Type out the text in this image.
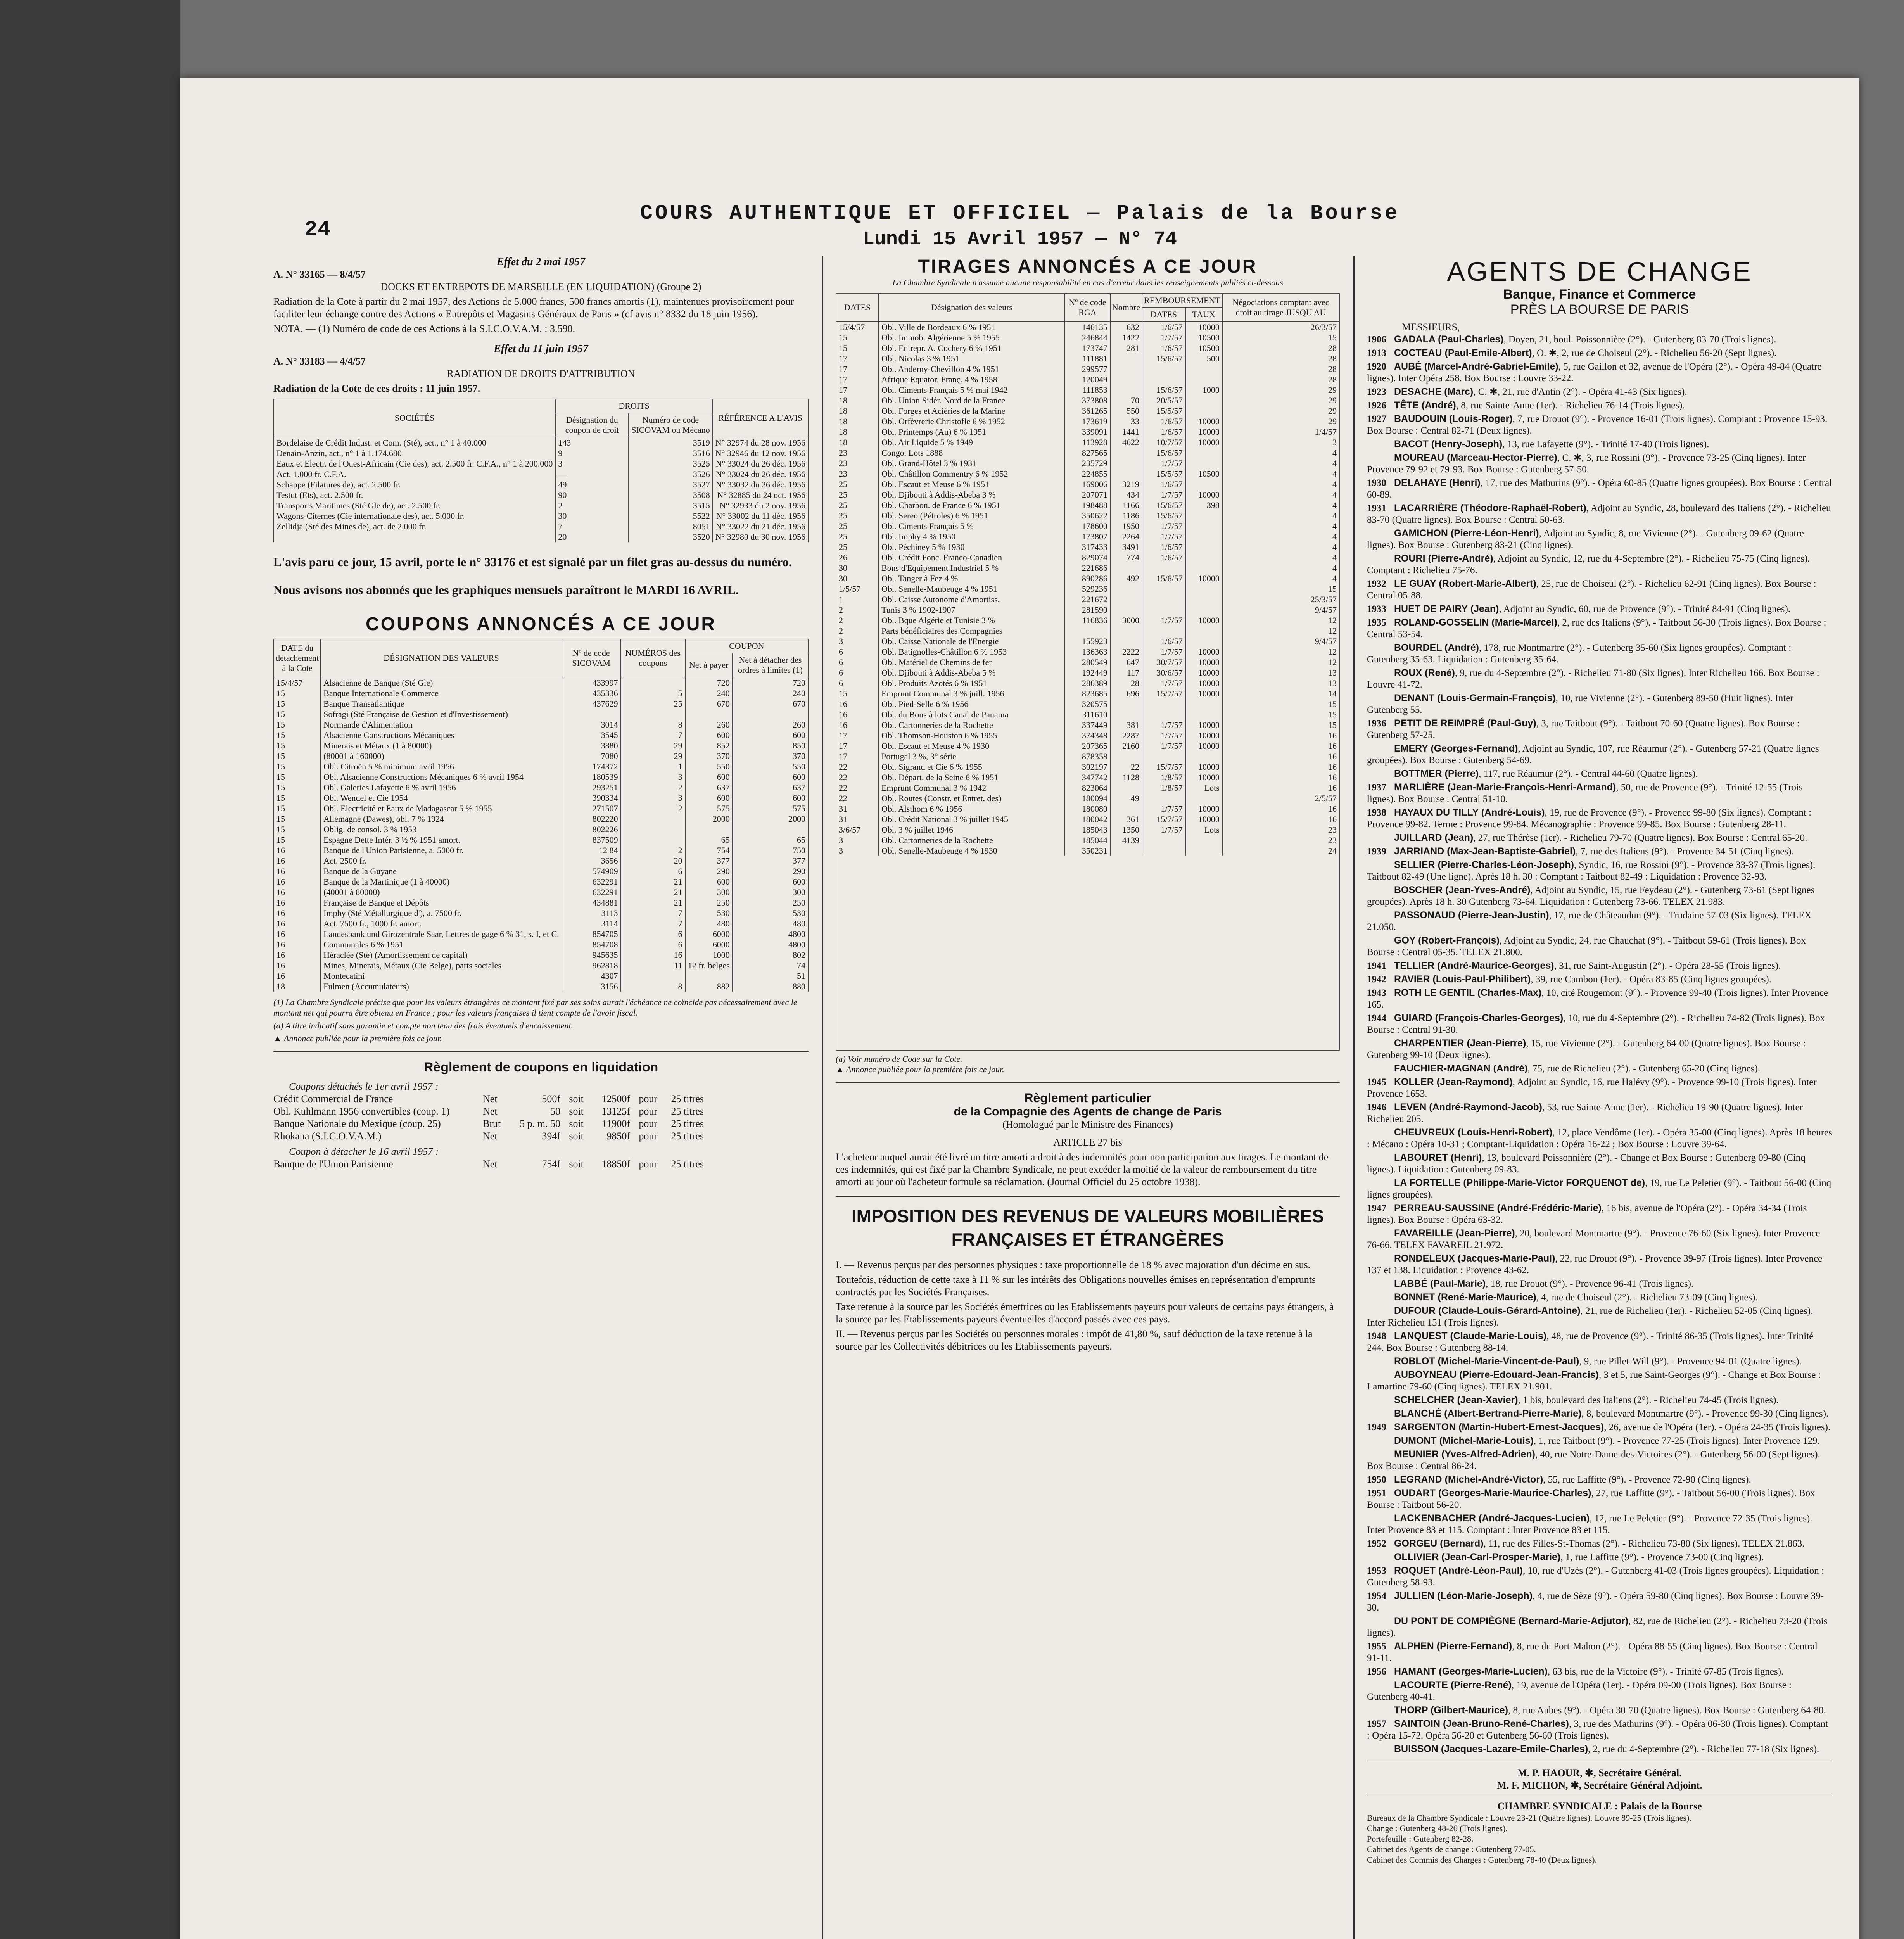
24
COURS AUTHENTIQUE ET OFFICIEL — Palais de la Bourse
Lundi 15 Avril 1957 — N° 74
Effet du 2 mai 1957
A. N° 33165 — 8/4/57
DOCKS ET ENTREPOTS DE MARSEILLE (EN LIQUIDATION) (Groupe 2)
Radiation de la Cote à partir du 2 mai 1957, des Actions de 5.000 francs, 500 francs amortis (1), maintenues provisoirement pour faciliter leur échange contre des Actions « Entrepôts et Magasins Généraux de Paris » (cf avis n° 8332 du 18 juin 1956).
NOTA. — (1) Numéro de code de ces Actions à la S.I.C.O.V.A.M. : 3.590.
Effet du 11 juin 1957
A. N° 33183 — 4/4/57
RADIATION DE DROITS D'ATTRIBUTION
Radiation de la Cote de ces droits : 11 juin 1957.
SOCIÉTÉS	DROITS		RÉFÉRENCE A L'AVIS
	Désignation du coupon de droit	Numéro de code SICOVAM ou Mécano	
Bordelaise de Crédit Indust. et Com. (Sté), act., n° 1 à 40.000	143	3519	N° 32974 du 28 nov. 1956
Denain-Anzin, act., n° 1 à 1.174.680	9	3516	N° 32946 du 12 nov. 1956
Eaux et Electr. de l'Ouest-Africain (Cie des), act. 2.500 fr. C.F.A., n° 1 à 200.000	3	3525	N° 33024 du 26 déc. 1956
Act. 1.000 fr. C.F.A.	—	3526	N° 33024 du 26 déc. 1956
Schappe (Filatures de), act. 2.500 fr.	49	3527	N° 33032 du 26 déc. 1956
Testut (Ets), act. 2.500 fr.	90	3508	N° 32885 du 24 oct. 1956
Transports Maritimes (Sté Gle de), act. 2.500 fr.	2	3515	N° 32933 du 2 nov. 1956
Wagons-Citernes (Cie internationale des), act. 5.000 fr.	30	5522	N° 33002 du 11 déc. 1956
Zellidja (Sté des Mines de), act. de 2.000 fr.	7	8051	N° 33022 du 21 déc. 1956
	20	3520	N° 32980 du 30 nov. 1956
L'avis paru ce jour, 15 avril, porte le n° 33176 et est signalé par un filet gras au-dessus du numéro.
Nous avisons nos abonnés que les graphiques mensuels paraîtront le MARDI 16 AVRIL.
COUPONS ANNONCÉS A CE JOUR
DATE du détachement à la Cote	DÉSIGNATION DES VALEURS	Nº de code SICOVAM	NUMÉROS des coupons	COUPON	
				Net à payer	Net à détacher des ordres à limites (1)
15/4/57	Alsacienne de Banque (Sté Gle)	433997		720	720
15	Banque Internationale Commerce	435336	5	240	240
15	Banque Transatlantique	437629	25	670	670
15	Sofragi (Sté Française de Gestion et d'Investissement)				
15	Normande d'Alimentation	3014	8	260	260
15	Alsacienne Constructions Mécaniques	3545	7	600	600
15	Minerais et Métaux (1 à 80000)	3880	29	852	850
15	(80001 à 160000)	7080	29	370	370
15	Obl. Citroën 5 % minimum avril 1956	174372	1	550	550
15	Obl. Alsacienne Constructions Mécaniques 6 % avril 1954	180539	3	600	600
15	Obl. Galeries Lafayette 6 % avril 1956	293251	2	637	637
15	Obl. Wendel et Cie 1954	390334	3	600	600
15	Obl. Electricité et Eaux de Madagascar 5 % 1955	271507	2	575	575
15	Allemagne (Dawes), obl. 7 % 1924	802220		2000	2000
15	Oblig. de consol. 3 % 1953	802226			
15	Espagne Dette Intér. 3 ½ % 1951 amort.	837509		65	65
16	Banque de l'Union Parisienne, a. 5000 fr.	12 84	2	754	750
16	Act. 2500 fr.	3656	20	377	377
16	Banque de la Guyane	574909	6	290	290
16	Banque de la Martinique (1 à 40000)	632291	21	600	600
16	(40001 à 80000)	632291	21	300	300
16	Française de Banque et Dépôts	434881	21	250	250
16	Imphy (Sté Métallurgique d'), a. 7500 fr.	3113	7	530	530
16	Act. 7500 fr., 1000 fr. amort.	3114	7	480	480
16	Landesbank und Girozentrale Saar, Lettres de gage 6 % 31, s. I, et C.	854705	6	6000	4800
16	Communales 6 % 1951	854708	6	6000	4800
16	Héraclée (Sté) (Amortissement de capital)	945635	16	1000	802
16	Mines, Minerais, Métaux (Cie Belge), parts sociales	962818	11	12 fr. belges	74
16	Montecatini	4307			51
18	Fulmen (Accumulateurs)	3156	8	882	880
(1) La Chambre Syndicale précise que pour les valeurs étrangères ce montant fixé par ses soins aurait l'échéance ne coïncide pas nécessairement avec le montant net qui pourra être obtenu en France ; pour les valeurs françaises il tient compte de l'avoir fiscal.
(a) A titre indicatif sans garantie et compte non tenu des frais éventuels d'encaissement.
▲ Annonce publiée pour la première fois ce jour.
Règlement de coupons en liquidation
Coupons détachés le 1er avril 1957 :
Crédit Commercial de France	Net	500f soit	12500f pour	25 titres
Obl. Kuhlmann 1956 convertibles (coup. 1)	Net	50 soit	13125f pour	25 titres
Banque Nationale du Mexique (coup. 25)	Brut	5 p. m. 50 soit	11900f pour	25 titres
Rhokana (S.I.C.O.V.A.M.)	Net	394f soit	9850f pour	25 titres
Coupon à détacher le 16 avril 1957 :
Banque de l'Union Parisienne	Net	754f soit	18850f pour	25 titres
TIRAGES ANNONCÉS A CE JOUR
La Chambre Syndicale n'assume aucune responsabilité en cas d'erreur dans les renseignements publiés ci-dessous
DATES	Désignation des valeurs	Nº de code RGA	Nombre	REMBOURSEMENT		Négociations comptant avec droit au tirage JUSQU'AU
				DATES	TAUX	
15/4/57	Obl. Ville de Bordeaux 6 % 1951	146135	632	1/6/57	10000	26/3/57
15	Obl. Immob. Algérienne 5 % 1955	246844	1422	1/7/57	10500	15
15	Obl. Entrepr. A. Cochery 6 % 1951	173747	281	1/6/57	10500	28
17	Obl. Nicolas 3 % 1951	111881		15/6/57	500	28
17	Obl. Anderny-Chevillon 4 % 1951	299577				28
17	Afrique Equator. Franç. 4 % 1958	120049				28
17	Obl. Ciments Français 5 % mai 1942	111853		15/6/57	1000	29
18	Obl. Union Sidér. Nord de la France	373808	70	20/5/57		29
18	Obl. Forges et Aciéries de la Marine	361265	550	15/5/57		29
18	Obl. Orfèvrerie Christofle 6 % 1952	173619	33	1/6/57	10000	29
18	Obl. Printemps (Au) 6 % 1951	339091	1441	1/6/57	10000	1/4/57
18	Obl. Air Liquide 5 % 1949	113928	4622	10/7/57	10000	3
23	Congo. Lots 1888	827565		15/6/57		4
23	Obl. Grand-Hôtel 3 % 1931	235729		1/7/57		4
23	Obl. Châtillon Commentry 6 % 1952	224855		15/5/57	10500	4
25	Obl. Escaut et Meuse 6 % 1951	169006	3219	1/6/57		4
25	Obl. Djibouti à Addis-Abeba 3 %	207071	434	1/7/57	10000	4
25	Obl. Charbon. de France 6 % 1951	198488	1166	15/6/57	398	4
25	Obl. Sereo (Pétroles) 6 % 1951	350622	1186	15/6/57		4
25	Obl. Ciments Français 5 %	178600	1950	1/7/57		4
25	Obl. Imphy 4 % 1950	173807	2264	1/7/57		4
25	Obl. Péchiney 5 % 1930	317433	3491	1/6/57		4
26	Obl. Crédit Fonc. Franco-Canadien	829074	774	1/6/57		4
30	Bons d'Equipement Industriel 5 %	221686				4
30	Obl. Tanger à Fez 4 %	890286	492	15/6/57	10000	4
1/5/57	Obl. Senelle-Maubeuge 4 % 1951	529236				15
1	Obl. Caisse Autonome d'Amortiss.	221672				25/3/57
2	Tunis 3 % 1902-1907	281590				9/4/57
2	Obl. Bque Algérie et Tunisie 3 %	116836	3000	1/7/57	10000	12
2	Parts bénéficiaires des Compagnies					12
3	Obl. Caisse Nationale de l'Energie	155923		1/6/57		9/4/57
6	Obl. Batignolles-Châtillon 6 % 1953	136363	2222	1/7/57	10000	12
6	Obl. Matériel de Chemins de fer	280549	647	30/7/57	10000	12
6	Obl. Djibouti à Addis-Abeba 5 %	192449	117	30/6/57	10000	13
6	Obl. Produits Azotés 6 % 1951	286389	28	1/7/57	10000	13
15	Emprunt Communal 3 % juill. 1956	823685	696	15/7/57	10000	14
16	Obl. Pied-Selle 6 % 1956	320575				15
16	Obl. du Bons à lots Canal de Panama	311610				15
16	Obl. Cartonneries de la Rochette	337449	381	1/7/57	10000	15
17	Obl. Thomson-Houston 6 % 1955	374348	2287	1/7/57	10000	16
17	Obl. Escaut et Meuse 4 % 1930	207365	2160	1/7/57	10000	16
17	Portugal 3 %, 3° série	878358				16
22	Obl. Sigrand et Cie 6 % 1955	302197	22	15/7/57	10000	16
22	Obl. Départ. de la Seine 6 % 1951	347742	1128	1/8/57	10000	16
22	Emprunt Communal 3 % 1942	823064		1/8/57	Lots	16
22	Obl. Routes (Constr. et Entret. des)	180094	49			2/5/57
31	Obl. Alsthom 6 % 1956	180080		1/7/57	10000	16
31	Obl. Crédit National 3 % juillet 1945	180042	361	15/7/57	10000	16
3/6/57	Obl. 3 % juillet 1946	185043	1350	1/7/57	Lots	23
3	Obl. Cartonneries de la Rochette	185044	4139			23
3	Obl. Senelle-Maubeuge 4 % 1930	350231				24
(a) Voir numéro de Code sur la Cote.
▲ Annonce publiée pour la première fois ce jour.
Règlement particulier
de la Compagnie des Agents de change de Paris
(Homologué par le Ministre des Finances)
ARTICLE 27 bis
L'acheteur auquel aurait été livré un titre amorti a droit à des indemnités pour non participation aux tirages. Le montant de ces indemnités, qui est fixé par la Chambre Syndicale, ne peut excéder la moitié de la valeur de remboursement du titre amorti au jour où l'acheteur formule sa réclamation. (Journal Officiel du 25 octobre 1938).
IMPOSITION DES REVENUS DE VALEURS MOBILIÈRES FRANÇAISES ET ÉTRANGÈRES
I. — Revenus perçus par des personnes physiques : taxe proportionnelle de 18 % avec majoration d'un décime en sus.
Toutefois, réduction de cette taxe à 11 % sur les intérêts des Obligations nouvelles émises en représentation d'emprunts contractés par les Sociétés Françaises.
Taxe retenue à la source par les Sociétés émettrices ou les Etablissements payeurs pour valeurs de certains pays étrangers, à la source par les Etablissements payeurs éventuelles d'accord passés avec ces pays.
II. — Revenus perçus par les Sociétés ou personnes morales : impôt de 41,80 %, sauf déduction de la taxe retenue à la source par les Collectivités débitrices ou les Etablissements payeurs.
AGENTS DE CHANGE
Banque, Finance et Commerce
PRÈS LA BOURSE DE PARIS
MESSIEURS,
1906 GADALA (Paul-Charles), Doyen, 21, boul. Poissonnière (2°). - Gutenberg 83-70 (Trois lignes).
1913 COCTEAU (Paul-Emile-Albert), O. ✱, 2, rue de Choiseul (2°). - Richelieu 56-20 (Sept lignes).
1920 AUBÉ (Marcel-André-Gabriel-Emile), 5, rue Gaillon et 32, avenue de l'Opéra (2°). - Opéra 49-84 (Quatre lignes). Inter Opéra 258. Box Bourse : Louvre 33-22.
1923 DESACHE (Marc), C. ✱, 21, rue d'Antin (2°). - Opéra 41-43 (Six lignes).
1926 TÊTE (André), 8, rue Sainte-Anne (1er). - Richelieu 76-14 (Trois lignes).
1927 BAUDOUIN (Louis-Roger), 7, rue Drouot (9°). - Provence 16-01 (Trois lignes). Compiant : Provence 15-93. Box Bourse : Central 82-71 (Deux lignes).
BACOT (Henry-Joseph), 13, rue Lafayette (9°). - Trinité 17-40 (Trois lignes).
MOUREAU (Marceau-Hector-Pierre), C. ✱, 3, rue Rossini (9°). - Provence 73-25 (Cinq lignes). Inter Provence 79-92 et 79-93. Box Bourse : Gutenberg 57-50.
1930 DELAHAYE (Henri), 17, rue des Mathurins (9°). - Opéra 60-85 (Quatre lignes groupées). Box Bourse : Central 60-89.
1931 LACARRIÈRE (Théodore-Raphaël-Robert), Adjoint au Syndic, 28, boulevard des Italiens (2°). - Richelieu 83-70 (Quatre lignes). Box Bourse : Central 50-63.
GAMICHON (Pierre-Léon-Henri), Adjoint au Syndic, 8, rue Vivienne (2°). - Gutenberg 09-62 (Quatre lignes). Box Bourse : Gutenberg 83-21 (Cinq lignes).
ROURI (Pierre-André), Adjoint au Syndic, 12, rue du 4-Septembre (2°). - Richelieu 75-75 (Cinq lignes). Comptant : Richelieu 75-76.
1932 LE GUAY (Robert-Marie-Albert), 25, rue de Choiseul (2°). - Richelieu 62-91 (Cinq lignes). Box Bourse : Central 05-88.
1933 HUET DE PAIRY (Jean), Adjoint au Syndic, 60, rue de Provence (9°). - Trinité 84-91 (Cinq lignes).
1935 ROLAND-GOSSELIN (Marie-Marcel), 2, rue des Italiens (9°). - Taitbout 56-30 (Trois lignes). Box Bourse : Central 53-54.
BOURDEL (André), 178, rue Montmartre (2°). - Gutenberg 35-60 (Six lignes groupées). Comptant : Gutenberg 35-63. Liquidation : Gutenberg 35-64.
ROUX (René), 9, rue du 4-Septembre (2°). - Richelieu 71-80 (Six lignes). Inter Richelieu 166. Box Bourse : Louvre 41-72.
DENANT (Louis-Germain-François), 10, rue Vivienne (2°). - Gutenberg 89-50 (Huit lignes). Inter Gutenberg 55.
1936 PETIT DE REIMPRÉ (Paul-Guy), 3, rue Taitbout (9°). - Taitbout 70-60 (Quatre lignes). Box Bourse : Gutenberg 57-25.
EMERY (Georges-Fernand), Adjoint au Syndic, 107, rue Réaumur (2°). - Gutenberg 57-21 (Quatre lignes groupées). Box Bourse : Gutenberg 54-69.
BOTTMER (Pierre), 117, rue Réaumur (2°). - Central 44-60 (Quatre lignes).
1937 MARLIÈRE (Jean-Marie-François-Henri-Armand), 50, rue de Provence (9°). - Trinité 12-55 (Trois lignes). Box Bourse : Central 51-10.
1938 HAYAUX DU TILLY (André-Louis), 19, rue de Provence (9°). - Provence 99-80 (Six lignes). Comptant : Provence 99-82. Terme : Provence 99-84. Mécanographie : Provence 99-85. Box Bourse : Gutenberg 28-11.
JUILLARD (Jean), 27, rue Thérèse (1er). - Richelieu 79-70 (Quatre lignes). Box Bourse : Central 65-20.
1939 JARRIAND (Max-Jean-Baptiste-Gabriel), 7, rue des Italiens (9°). - Provence 34-51 (Cinq lignes).
SELLIER (Pierre-Charles-Léon-Joseph), Syndic, 16, rue Rossini (9°). - Provence 33-37 (Trois lignes). Taitbout 82-49 (Une ligne). Après 18 h. 30 : Comptant : Taitbout 82-49 : Liquidation : Provence 32-93.
BOSCHER (Jean-Yves-André), Adjoint au Syndic, 15, rue Feydeau (2°). - Gutenberg 73-61 (Sept lignes groupées). Après 18 h. 30 Gutenberg 73-64. Liquidation : Gutenberg 73-66. TELEX 21.983.
PASSONAUD (Pierre-Jean-Justin), 17, rue de Châteaudun (9°). - Trudaine 57-03 (Six lignes). TELEX 21.050.
GOY (Robert-François), Adjoint au Syndic, 24, rue Chauchat (9°). - Taitbout 59-61 (Trois lignes). Box Bourse : Central 05-35. TELEX 21.800.
1941 TELLIER (André-Maurice-Georges), 31, rue Saint-Augustin (2°). - Opéra 28-55 (Trois lignes).
1942 RAVIER (Louis-Paul-Philibert), 39, rue Cambon (1er). - Opéra 83-85 (Cinq lignes groupées).
1943 ROTH LE GENTIL (Charles-Max), 10, cité Rougemont (9°). - Provence 99-40 (Trois lignes). Inter Provence 165.
1944 GUIARD (François-Charles-Georges), 10, rue du 4-Septembre (2°). - Richelieu 74-82 (Trois lignes). Box Bourse : Central 91-30.
CHARPENTIER (Jean-Pierre), 15, rue Vivienne (2°). - Gutenberg 64-00 (Quatre lignes). Box Bourse : Gutenberg 99-10 (Deux lignes).
FAUCHIER-MAGNAN (André), 75, rue de Richelieu (2°). - Gutenberg 65-20 (Cinq lignes).
1945 KOLLER (Jean-Raymond), Adjoint au Syndic, 16, rue Halévy (9°). - Provence 99-10 (Trois lignes). Inter Provence 1653.
1946 LEVEN (André-Raymond-Jacob), 53, rue Sainte-Anne (1er). - Richelieu 19-90 (Quatre lignes). Inter Richelieu 205.
CHEUVREUX (Louis-Henri-Robert), 12, place Vendôme (1er). - Opéra 35-00 (Cinq lignes). Après 18 heures : Mécano : Opéra 10-31 ; Comptant-Liquidation : Opéra 16-22 ; Box Bourse : Louvre 39-64.
LABOURET (Henri), 13, boulevard Poissonnière (2°). - Change et Box Bourse : Gutenberg 09-80 (Cinq lignes). Liquidation : Gutenberg 09-83.
LA FORTELLE (Philippe-Marie-Victor FORQUENOT de), 19, rue Le Peletier (9°). - Taitbout 56-00 (Cinq lignes groupées).
1947 PERREAU-SAUSSINE (André-Frédéric-Marie), 16 bis, avenue de l'Opéra (2°). - Opéra 34-34 (Trois lignes). Box Bourse : Opéra 63-32.
FAVAREILLE (Jean-Pierre), 20, boulevard Montmartre (9°). - Provence 76-60 (Six lignes). Inter Provence 76-66. TELEX FAVAREIL 21.972.
RONDELEUX (Jacques-Marie-Paul), 22, rue Drouot (9°). - Provence 39-97 (Trois lignes). Inter Provence 137 et 138. Liquidation : Provence 43-62.
LABBÉ (Paul-Marie), 18, rue Drouot (9°). - Provence 96-41 (Trois lignes).
BONNET (René-Marie-Maurice), 4, rue de Choiseul (2°). - Richelieu 73-09 (Cinq lignes).
DUFOUR (Claude-Louis-Gérard-Antoine), 21, rue de Richelieu (1er). - Richelieu 52-05 (Cinq lignes). Inter Richelieu 151 (Trois lignes).
1948 LANQUEST (Claude-Marie-Louis), 48, rue de Provence (9°). - Trinité 86-35 (Trois lignes). Inter Trinité 244. Box Bourse : Gutenberg 88-14.
ROBLOT (Michel-Marie-Vincent-de-Paul), 9, rue Pillet-Will (9°). - Provence 94-01 (Quatre lignes).
AUBOYNEAU (Pierre-Edouard-Jean-Francis), 3 et 5, rue Saint-Georges (9°). - Change et Box Bourse : Lamartine 79-60 (Cinq lignes). TELEX 21.901.
SCHELCHER (Jean-Xavier), 1 bis, boulevard des Italiens (2°). - Richelieu 74-45 (Trois lignes).
BLANCHÉ (Albert-Bertrand-Pierre-Marie), 8, boulevard Montmartre (9°). - Provence 99-30 (Cinq lignes).
1949 SARGENTON (Martin-Hubert-Ernest-Jacques), 26, avenue de l'Opéra (1er). - Opéra 24-35 (Trois lignes).
DUMONT (Michel-Marie-Louis), 1, rue Taitbout (9°). - Provence 77-25 (Trois lignes). Inter Provence 129.
MEUNIER (Yves-Alfred-Adrien), 40, rue Notre-Dame-des-Victoires (2°). - Gutenberg 56-00 (Sept lignes). Box Bourse : Central 86-24.
1950 LEGRAND (Michel-André-Victor), 55, rue Laffitte (9°). - Provence 72-90 (Cinq lignes).
1951 OUDART (Georges-Marie-Maurice-Charles), 27, rue Laffitte (9°). - Taitbout 56-00 (Trois lignes). Box Bourse : Taitbout 56-20.
LACKENBACHER (André-Jacques-Lucien), 12, rue Le Peletier (9°). - Provence 72-35 (Trois lignes). Inter Provence 83 et 115. Comptant : Inter Provence 83 et 115.
1952 GORGEU (Bernard), 11, rue des Filles-St-Thomas (2°). - Richelieu 73-80 (Six lignes). TELEX 21.863.
OLLIVIER (Jean-Carl-Prosper-Marie), 1, rue Laffitte (9°). - Provence 73-00 (Cinq lignes).
1953 ROQUET (André-Léon-Paul), 10, rue d'Uzès (2°). - Gutenberg 41-03 (Trois lignes groupées). Liquidation : Gutenberg 58-93.
1954 JULLIEN (Léon-Marie-Joseph), 4, rue de Sèze (9°). - Opéra 59-80 (Cinq lignes). Box Bourse : Louvre 39-30.
DU PONT DE COMPIÈGNE (Bernard-Marie-Adjutor), 82, rue de Richelieu (2°). - Richelieu 73-20 (Trois lignes).
1955 ALPHEN (Pierre-Fernand), 8, rue du Port-Mahon (2°). - Opéra 88-55 (Cinq lignes). Box Bourse : Central 91-11.
1956 HAMANT (Georges-Marie-Lucien), 63 bis, rue de la Victoire (9°). - Trinité 67-85 (Trois lignes).
LACOURTE (Pierre-René), 19, avenue de l'Opéra (1er). - Opéra 09-00 (Trois lignes). Box Bourse : Gutenberg 40-41.
THORP (Gilbert-Maurice), 8, rue Aubes (9°). - Opéra 30-70 (Quatre lignes). Box Bourse : Gutenberg 64-80.
1957 SAINTOIN (Jean-Bruno-René-Charles), 3, rue des Mathurins (9°). - Opéra 06-30 (Trois lignes). Comptant : Opéra 15-72. Opéra 56-20 et Gutenberg 56-60 (Trois lignes).
BUISSON (Jacques-Lazare-Emile-Charles), 2, rue du 4-Septembre (2°). - Richelieu 77-18 (Six lignes).
M. P. HAOUR, ✱, Secrétaire Général.
M. F. MICHON, ✱, Secrétaire Général Adjoint.
CHAMBRE SYNDICALE : Palais de la Bourse
Bureaux de la Chambre Syndicale : Louvre 23-21 (Quatre lignes). Louvre 89-25 (Trois lignes).
Change : Gutenberg 48-26 (Trois lignes).
Portefeuille : Gutenberg 82-28.
Cabinet des Agents de change : Gutenberg 77-05.
Cabinet des Commis des Charges : Gutenberg 78-40 (Deux lignes).
